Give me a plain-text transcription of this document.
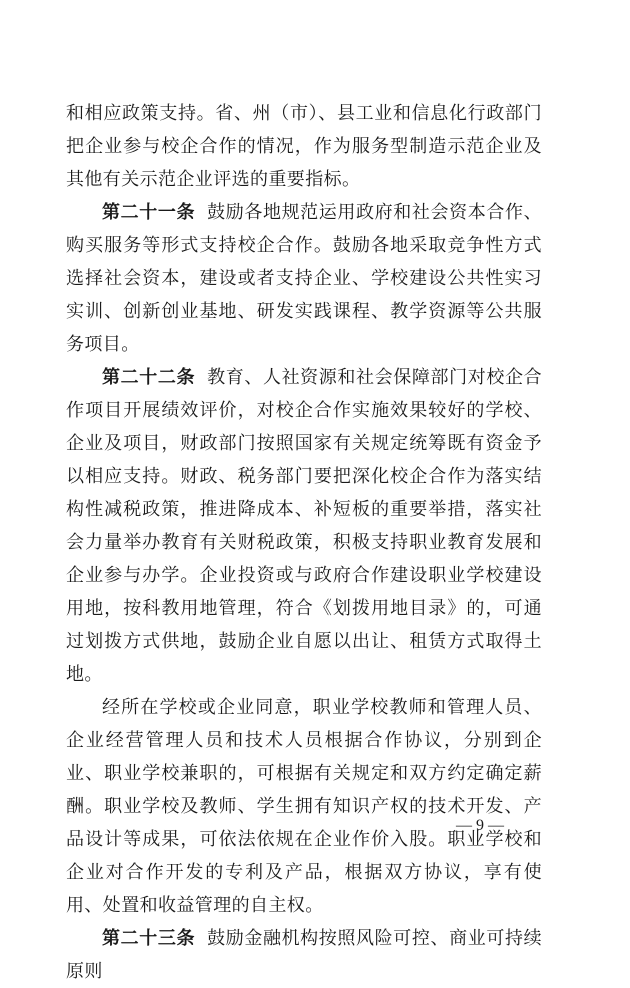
和相应政策支持。省、州（市）、县工业和信息化行政部门把企业参与校企合作的情况，作为服务型制造示范企业及其他有关示范企业评选的重要指标。

第二十一条 鼓励各地规范运用政府和社会资本合作、购买服务等形式支持校企合作。鼓励各地采取竞争性方式选择社会资本，建设或者支持企业、学校建设公共性实习实训、创新创业基地、研发实践课程、教学资源等公共服务项目。

第二十二条 教育、人社资源和社会保障部门对校企合作项目开展绩效评价，对校企合作实施效果较好的学校、企业及项目，财政部门按照国家有关规定统筹既有资金予以相应支持。财政、税务部门要把深化校企合作为落实结构性减税政策，推进降成本、补短板的重要举措，落实社会力量举办教育有关财税政策，积极支持职业教育发展和企业参与办学。企业投资或与政府合作建设职业学校建设用地，按科教用地管理，符合《划拨用地目录》的，可通过划拨方式供地，鼓励企业自愿以出让、租赁方式取得土地。

经所在学校或企业同意，职业学校教师和管理人员、企业经营管理人员和技术人员根据合作协议，分别到企业、职业学校兼职的，可根据有关规定和双方约定确定薪酬。职业学校及教师、学生拥有知识产权的技术开发、产品设计等成果，可依法依规在企业作价入股。职业学校和企业对合作开发的专利及产品，根据双方协议，享有使用、处置和收益管理的自主权。

第二十三条 鼓励金融机构按照风险可控、商业可持续原则

— 9 —
